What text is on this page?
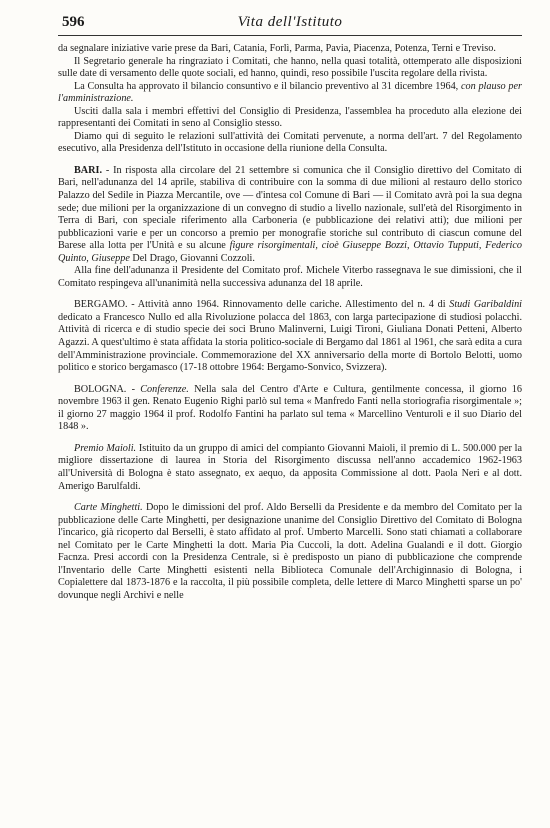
596	Vita dell'Istituto

da segnalare iniziative varie prese da Bari, Catania, Forlì, Parma, Pavia, Piacenza, Potenza, Terni e Treviso.

Il Segretario generale ha ringraziato i Comitati, che hanno, nella quasi totalità, ottemperato alle disposizioni sulle date di versamento delle quote sociali, ed hanno, quindi, reso possibile l'uscita regolare della rivista.

La Consulta ha approvato il bilancio consuntivo e il bilancio preventivo al 31 dicembre 1964, con plauso per l'amministrazione.

Usciti dalla sala i membri effettivi del Consiglio di Presidenza, l'assemblea ha proceduto alla elezione dei rappresentanti dei Comitati in seno al Consiglio stesso.

Diamo qui di seguito le relazioni sull'attività dei Comitati pervenute, a norma dell'art. 7 del Regolamento esecutivo, alla Presidenza dell'Istituto in occasione della riunione della Consulta.

BARI. - In risposta alla circolare del 21 settembre si comunica che il Consiglio direttivo del Comitato di Bari, nell'adunanza del 14 aprile, stabiliva di contribuire con la somma di due milioni al restauro dello storico Palazzo del Sedile in Piazza Mercantile, ove — d'intesa col Comune di Bari — il Comitato avrà poi la sua degna sede; due milioni per la organizzazione di un convegno di studio a livello nazionale, sull'età del Risorgimento in Terra di Bari, con speciale riferimento alla Carboneria (e pubblicazione dei relativi atti); due milioni per pubblicazioni varie e per un concorso a premio per monografie storiche sul contributo di ciascun comune del Barese alla lotta per l'Unità e su alcune figure risorgimentali, cioè Giuseppe Bozzi, Ottavio Tupputi, Federico Quinto, Giuseppe Del Drago, Giovanni Cozzoli.

Alla fine dell'adunanza il Presidente del Comitato prof. Michele Viterbo rassegnava le sue dimissioni, che il Comitato respingeva all'unanimità nella successiva adunanza del 18 aprile.

BERGAMO. - Attività anno 1964. Rinnovamento delle cariche. Allestimento del n. 4 di Studi Garibaldini dedicato a Francesco Nullo ed alla Rivoluzione polacca del 1863, con larga partecipazione di studiosi polacchi. Attività di ricerca e di studio specie dei soci Bruno Malinverni, Luigi Tironi, Giuliana Donati Petteni, Alberto Agazzi. A quest'ultimo è stata affidata la storia politico-sociale di Bergamo dal 1861 al 1961, che sarà edita a cura dell'Amministrazione provinciale. Commemorazione del XX anniversario della morte di Bortolo Belotti, uomo politico e storico bergamasco (17-18 ottobre 1964: Bergamo-Sonvico, Svizzera).

BOLOGNA. - Conferenze. Nella sala del Centro d'Arte e Cultura, gentilmente concessa, il giorno 16 novembre 1963 il gen. Renato Eugenio Righi parlò sul tema « Manfredo Fanti nella storiografia risorgimentale »; il giorno 27 maggio 1964 il prof. Rodolfo Fantini ha parlato sul tema « Marcellino Venturoli e il suo Diario del 1848 ».

Premio Maioli. Istituito da un gruppo di amici del compianto Giovanni Maioli, il premio di L. 500.000 per la migliore dissertazione di laurea in Storia del Risorgimento discussa nell'anno accademico 1962-1963 all'Università di Bologna è stato assegnato, ex aequo, da apposita Commissione al dott. Paola Neri e al dott. Amerigo Barulfaldi.

Carte Minghetti. Dopo le dimissioni del prof. Aldo Berselli da Presidente e da membro del Comitato per la pubblicazione delle Carte Minghetti, per designazione unanime del Consiglio Direttivo del Comitato di Bologna l'incarico, già ricoperto dal Berselli, è stato affidato al prof. Umberto Marcelli. Sono stati chiamati a collaborare nel Comitato per le Carte Minghetti la dott. Maria Pia Cuccoli, la dott. Adelina Gualandi e il dott. Giorgio Facnza. Presi accordi con la Presidenza Centrale, si è predisposto un piano di pubblicazione che comprende l'Inventario delle Carte Minghetti esistenti nella Biblioteca Comunale dell'Archiginnasio di Bologna, i Copialettere dal 1873-1876 e la raccolta, il più possibile completa, delle lettere di Marco Minghetti sparse un po' dovunque negli Archivi e nelle
